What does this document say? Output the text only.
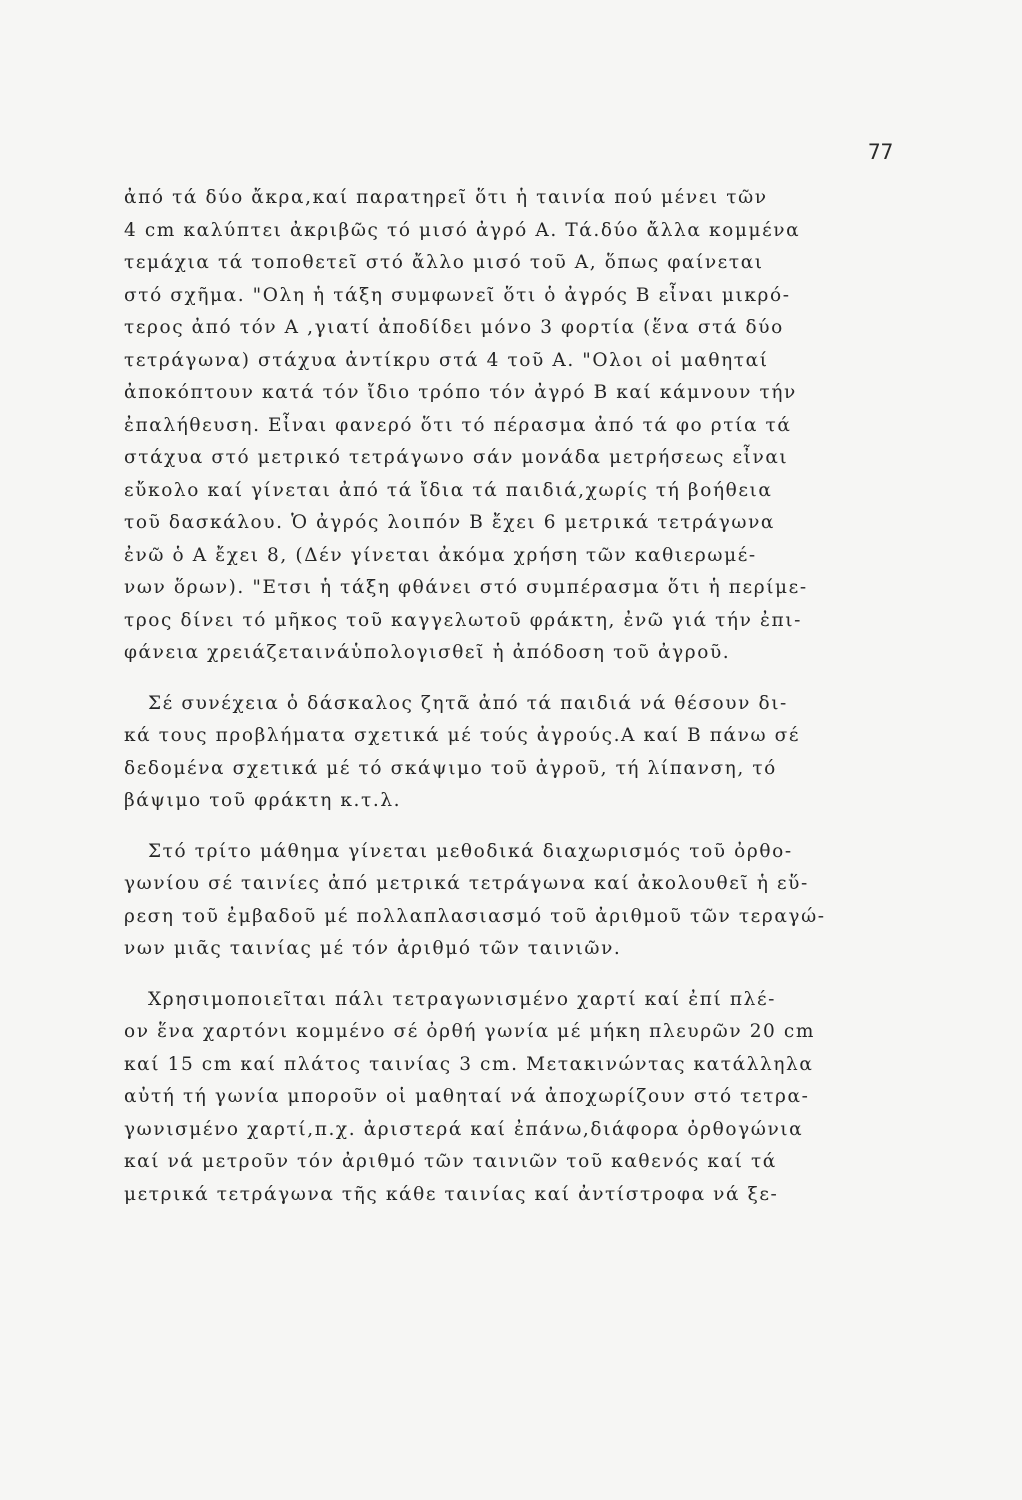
77
ἀπό τά δύο ἄκρα,καί παρατηρεῖ ὅτι ἡ ταινία πού μένει τῶν
4 cm καλύπτει ἀκριβῶς τό μισό ἀγρό Α. Τά.δύο ἄλλα κομμένα
τεμάχια τά τοποθετεῖ στό ἄλλο μισό τοῦ Α, ὅπως φαίνεται
στό σχῆμα. "Ολη ἡ τάξη συμφωνεῖ ὅτι ὁ ἀγρός Β εἶναι μικρό-
τερος ἀπό τόν Α ,γιατί ἀποδίδει μόνο 3 φορτία (ἕνα στά δύο
τετράγωνα) στάχυα ἀντίκρυ στά 4 τοῦ Α. "Ολοι οἱ μαθηταί
ἀποκόπτουν κατά τόν ἴδιο τρόπο τόν ἀγρό Β καί κάμνουν τήν
ἐπαλήθευση. Εἶναι φανερό ὅτι τό πέρασμα ἀπό τά φο ρτία τά
στάχυα στό μετρικό τετράγωνο σάν μονάδα μετρήσεως εἶναι
εὔκολο καί γίνεται ἀπό τά ἴδια τά παιδιά,χωρίς τή βοήθεια
τοῦ δασκάλου. Ὁ ἀγρός λοιπόν Β ἔχει 6 μετρικά τετράγωνα
ἐνῶ ὁ Α ἔχει 8, (Δέν γίνεται ἀκόμα χρήση τῶν καθιερωμέ-
νων ὅρων). "Ετσι ἡ τάξη φθάνει στό συμπέρασμα ὅτι ἡ περίμε-
τρος δίνει τό μῆκος τοῦ καγγελωτοῦ φράκτη, ἐνῶ γιά τήν ἐπι-
φάνεια χρειάζεταινάὑπολογισθεῖ ἡ ἀπόδοση τοῦ ἀγροῦ.
Σέ συνέχεια ὁ δάσκαλος ζητᾶ ἀπό τά παιδιά νά θέσουν δι-
κά τους προβλήματα σχετικά μέ τούς ἀγρούς.Α καί Β πάνω σέ
δεδομένα σχετικά μέ τό σκάψιμο τοῦ ἀγροῦ, τή λίπανση, τό
βάψιμο τοῦ φράκτη κ.τ.λ.
Στό τρίτο μάθημα γίνεται μεθοδικά διαχωρισμός τοῦ ὀρθο-
γωνίου σέ ταινίες ἀπό μετρικά τετράγωνα καί ἀκολουθεῖ ἡ εὕ-
ρεση τοῦ ἐμβαδοῦ μέ πολλαπλασιασμό τοῦ ἀριθμοῦ τῶν τεραγώ-
νων μιᾶς ταινίας μέ τόν ἀριθμό τῶν ταινιῶν.
Χρησιμοποιεῖται πάλι τετραγωνισμένο χαρτί καί ἐπί πλέ-
ον ἕνα χαρτόνι κομμένο σέ ὀρθή γωνία μέ μήκη πλευρῶν 20 cm
καί 15 cm καί πλάτος ταινίας 3 cm. Μετακινώντας κατάλληλα
αὐτή τή γωνία μποροῦν οἱ μαθηταί νά ἀποχωρίζουν στό τετρα-
γωνισμένο χαρτί,π.χ. ἀριστερά καί ἐπάνω,διάφορα ὀρθογώνια
καί νά μετροῦν τόν ἀριθμό τῶν ταινιῶν τοῦ καθενός καί τά
μετρικά τετράγωνα τῆς κάθε ταινίας καί ἀντίστροφα νά ξε-
